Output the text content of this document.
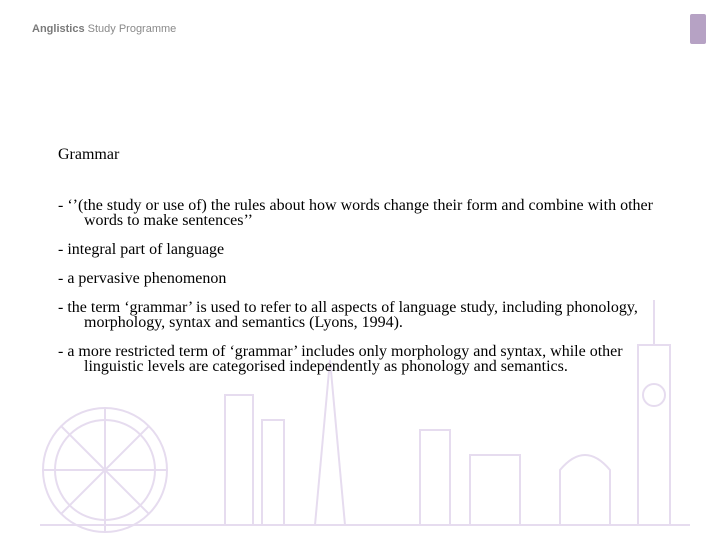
Anglistics Study Programme

Grammar

- ‘’(the study or use of) the rules about how words change their form and combine with other words to make sentences’’

- integral part of language

- a pervasive phenomenon

- the term ‘grammar’ is used to refer to all aspects of language study, including phonology, morphology, syntax and semantics (Lyons, 1994).

- a more restricted term of ‘grammar’ includes only morphology and syntax, while other linguistic levels are categorised independently as phonology and semantics.
